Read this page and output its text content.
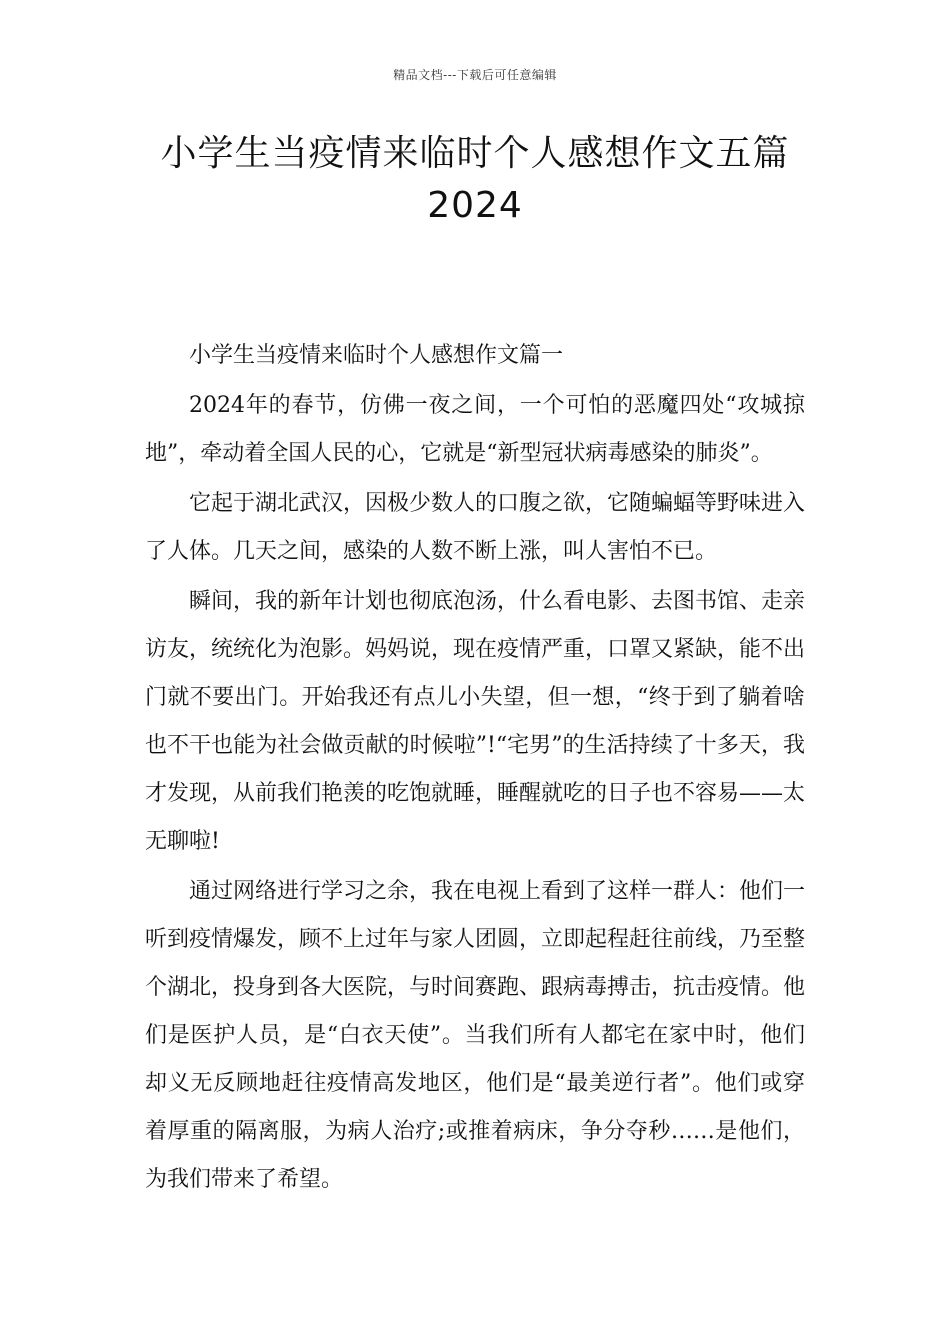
精品文档---下载后可任意编辑
小学生当疫情来临时个人感想作文五篇
2024

小学生当疫情来临时个人感想作文篇一

2024年的春节，仿佛一夜之间，一个可怕的恶魔四处“攻城掠地”，牵动着全国人民的心，它就是“新型冠状病毒感染的肺炎”。

它起于湖北武汉，因极少数人的口腹之欲，它随蝙蝠等野味进入了人体。几天之间，感染的人数不断上涨，叫人害怕不已。

瞬间，我的新年计划也彻底泡汤，什么看电影、去图书馆、走亲访友，统统化为泡影。妈妈说，现在疫情严重，口罩又紧缺，能不出门就不要出门。开始我还有点儿小失望，但一想，“终于到了躺着啥也不干也能为社会做贡献的时候啦”!“宅男”的生活持续了十多天，我才发现，从前我们艳羡的吃饱就睡，睡醒就吃的日子也不容易——太无聊啦!

通过网络进行学习之余，我在电视上看到了这样一群人：他们一听到疫情爆发，顾不上过年与家人团圆，立即起程赶往前线，乃至整个湖北，投身到各大医院，与时间赛跑、跟病毒搏击，抗击疫情。他们是医护人员，是“白衣天使”。当我们所有人都宅在家中时，他们却义无反顾地赶往疫情高发地区，他们是“最美逆行者”。他们或穿着厚重的隔离服，为病人治疗;或推着病床，争分夺秒……是他们，为我们带来了希望。
